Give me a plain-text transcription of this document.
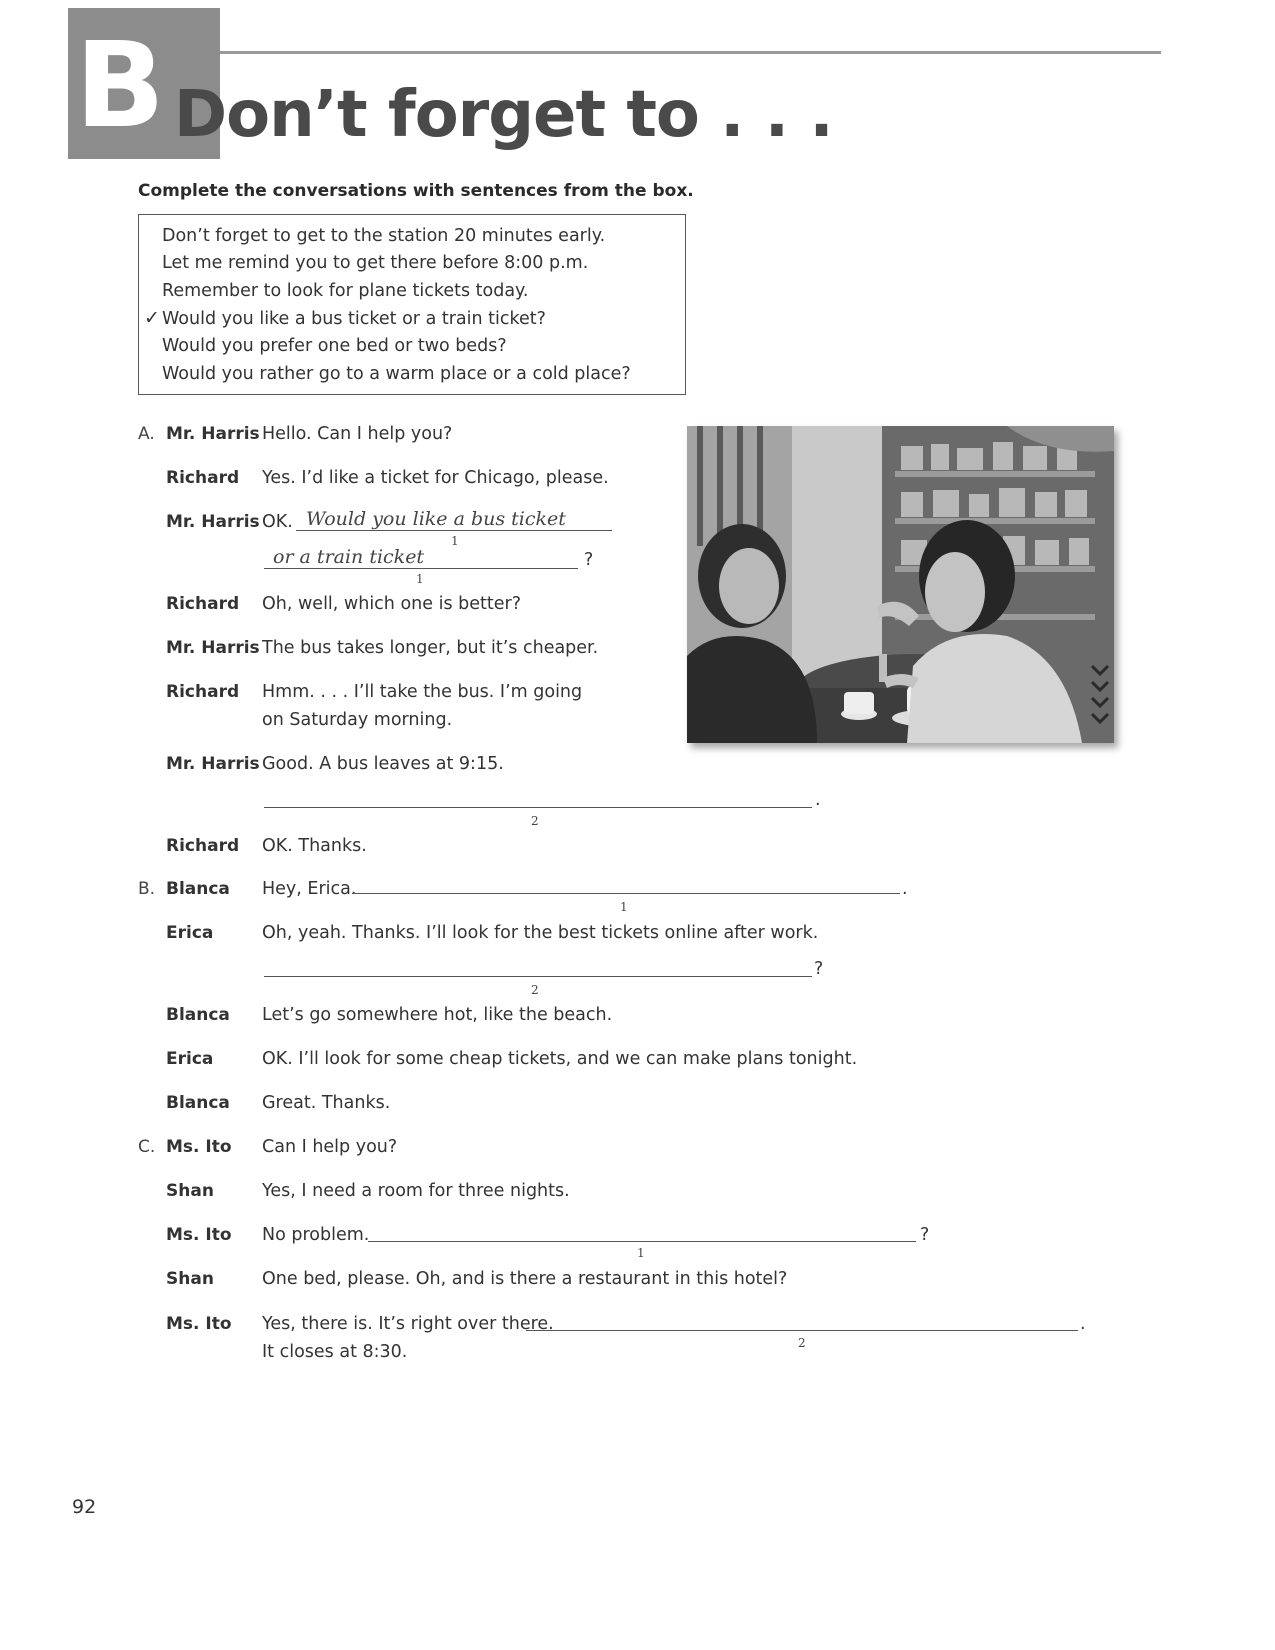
B Don’t forget to . . .
Complete the conversations with sentences from the box.
Don’t forget to get to the station 20 minutes early.
Let me remind you to get there before 8:00 p.m.
Remember to look for plane tickets today.
✓ Would you like a bus ticket or a train ticket?
Would you prefer one bed or two beds?
Would you rather go to a warm place or a cold place?
A. Mr. Harris Hello. Can I help you?
Richard Yes. I’d like a ticket for Chicago, please.
Mr. Harris OK. Would you like a bus ticket
1
or a train ticket	?
1
Richard Oh, well, which one is better?
Mr. Harris The bus takes longer, but it’s cheaper.
Richard Hmm. . . . I’ll take the bus. I’m going
on Saturday morning.
Mr. Harris Good. A bus leaves at 9:15.
.
2
Richard OK. Thanks.
B. Blanca Hey, Erica.	.
1
Erica	Oh, yeah. Thanks. I’ll look for the best tickets online after work.
?
2
Blanca Let’s go somewhere hot, like the beach.
Erica	OK. I’ll look for some cheap tickets, and we can make plans tonight.
Blanca Great. Thanks.
C. Ms. Ito Can I help you?
Shan	Yes, I need a room for three nights.
Ms. Ito No problem.	?
1
Shan	One bed, please. Oh, and is there a restaurant in this hotel?
Ms. Ito Yes, there is. It’s right over there.	.
2
It closes at 8:30.
92
